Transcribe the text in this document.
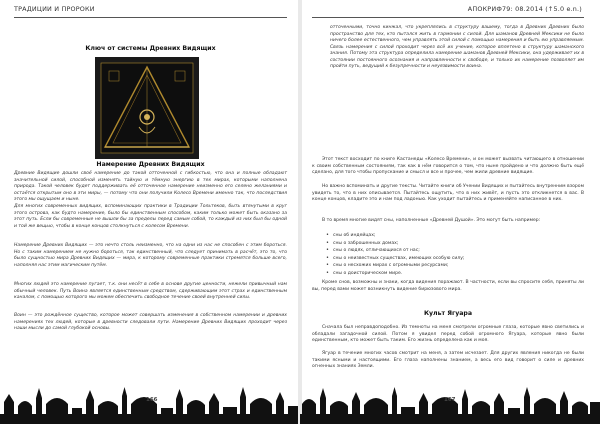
ТРАДИЦИИ И ПРОРОКИ
Ключ от системы Древних Видящих
Намерение Древних Видящих
Древние Видящие дошли своё намерение до такой отточенной с гибкостью, что она и полные обладают значительной силой, способной изменять тайную и тёмную энергию в тех мирах, которыми наполнена природа. Такой человек будет поддерживать её отточенное намерение неизменно его селено желаниями и остаётся открытым оно в эти миры, — потому что они получили Колесо Времени именно так, что последствия этого мы ощущаем и ныне.
Для многих современных видящих, вспоминающих практики в Традиции Тольтеков, быть втянутыми в круг этого острова, как будто намерение, было бы единственным способом, каким только может быть оказано за этот путь. Если бы современные не вышли бы за пределы перед самым собой, то каждый из них был бы одной и той же вещью, чтобы в конце концов столкнуться с колесом Времени.
Намерение Древних Видящих — это нечто столь неизменно, что на одни из нас не способен с этим бороться. Но с таким намерением не нужно бороться, так единственный, что следует принимать в расчёт, это то, что было сущностью мира Древних Видящих — мира, к которому современные практики стремятся больше всего, наполняя нас этим магическим путём.
Многих людей это намерение пугает, т.к. они несёт в себе в основе другие ценности, нежели привычный нам обычный человек. Путь Воина является единственным средством, сдерживающим этот страх и единственным каналом, с помощью которого мы можем обеспечить свободное течение своей внутренней силы.
Воин — это рождённое существо, которое может совершать изменения в собственном намерении и древних намерениях тех людей, которые в древности следовали пути. Намерение Древних Видящих проходит через наши мысли до самой глубокой основы.
166
АПОКРИФ79: 08.2014 (↑5.0 e.n.)
отточенными, точно кинжал, что укреплялись в структуру вашему, тогда в Древних Древних было пространство для тех, кто пытался жить в гармонии с силой. Для шаманов Древней Мексики не было ничего более естественного, чем управлять этой силой с помощью намерения и быть ею управляемым. Связь намерения с силой проходит через всё их учение, которое вплетено в структуру шаманского знания. Потому эта структура определила намерение шаманов Древней Мексики, она удерживает их в состоянии постоянного осознания и направленности к свободе, и только их намерение позволяет им пройти путь, ведущий к безупречности и неуязвимости воина.
Этот текст восходит по книге Кастанеды «Колесо Времени», и он может вызвать читающего в отношении к своим собственным состояниям, так как в нём говорится о том, что ныне пройдено и что должно быть ещё сделано, для того чтобы пропускание и смысл и все и прочее, чем жили древние видящие.
Но важно вспоминать и другие тексты. Читайте книги об Учении Видящих и пытайтесь внутренним взором увидеть то, что в них описывается. Пытайтесь ощутить, что в них живёт, и пусть это откликнется в вас. В конце концов, кладите это и нам под ладонью. Как уходит пытайтесь и применяйте написанное в них.
В то время многие видят сны, наполненные «Древней Душой». Это могут быть например:
• сны об индейцах;
• сны о заброшенных домах;
• сны о людях, отличающихся от нас;
• сны о неизвестных существах, имеющих особую силу;
• сны о несхожих мирах с огромными ресурсами;
• сны о доисторическом мире.
Кроме снов, возможны и знаки, когда видения поражают. В частности, если вы спросите себя, приняты ли вы, перед вами может возникнуть видение бирюзового мира.
Культ Ягуара
Сначала был неправдоподобно. Из темноты на меня смотрели огромные глаза, которые явно светились и обладали загадочной силой. Потом я увидел перед собой огромного Ягуара, которые явно были единственным, кто может быть таким. Его жизнь определена как и моя.
Ягуар в течение многих часов смотрит на меня, а затем исчезает. Для других явления никогда не были такими ясными и настоящими. Его глаза наполнены знанием, а весь его вид говорит о силе и древних огненных знаниях Земли.
167
